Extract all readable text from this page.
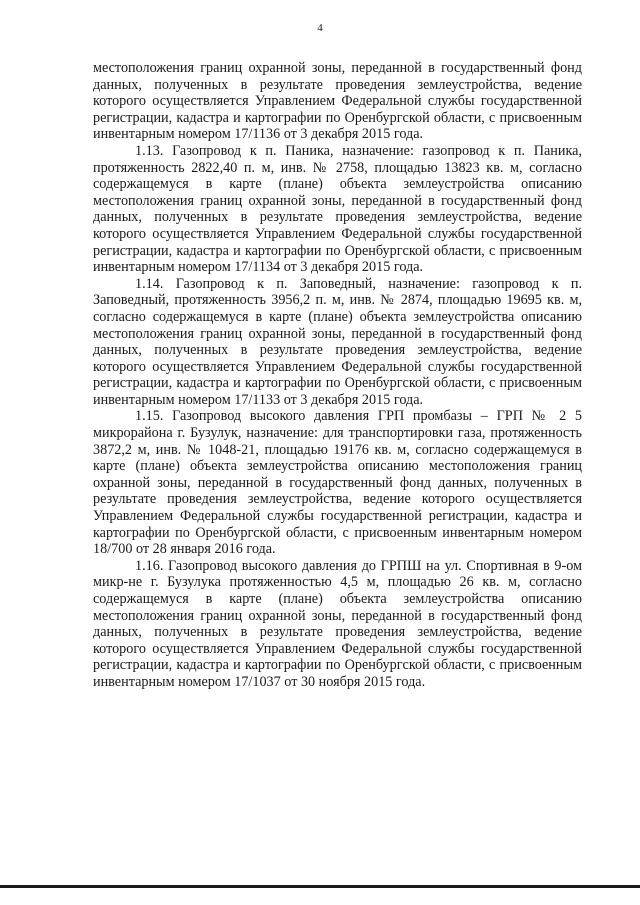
4

местоположения границ охранной зоны, переданной в государственный фонд данных, полученных в результате проведения землеустройства, ведение которого осуществляется Управлением Федеральной службы государственной регистрации, кадастра и картографии по Оренбургской области, с присвоенным инвентарным номером 17/1136 от 3 декабря 2015 года.

1.13. Газопровод к п. Паника, назначение: газопровод к п. Паника, протяженность 2822,40 п. м, инв. № 2758, площадью 13823 кв. м, согласно содержащемуся в карте (плане) объекта землеустройства описанию местоположения границ охранной зоны, переданной в государственный фонд данных, полученных в результате проведения землеустройства, ведение которого осуществляется Управлением Федеральной службы государственной регистрации, кадастра и картографии по Оренбургской области, с присвоенным инвентарным номером 17/1134 от 3 декабря 2015 года.

1.14. Газопровод к п. Заповедный, назначение: газопровод к п. Заповедный, протяженность 3956,2 п. м, инв. № 2874, площадью 19695 кв. м, согласно содержащемуся в карте (плане) объекта землеустройства описанию местоположения границ охранной зоны, переданной в государственный фонд данных, полученных в результате проведения землеустройства, ведение которого осуществляется Управлением Федеральной службы государственной регистрации, кадастра и картографии по Оренбургской области, с присвоенным инвентарным номером 17/1133 от 3 декабря 2015 года.

1.15. Газопровод высокого давления ГРП промбазы – ГРП № 2 5 микрорайона г. Бузулук, назначение: для транспортировки газа, протяженность 3872,2 м, инв. № 1048-21, площадью 19176 кв. м, согласно содержащемуся в карте (плане) объекта землеустройства описанию местоположения границ охранной зоны, переданной в государственный фонд данных, полученных в результате проведения землеустройства, ведение которого осуществляется Управлением Федеральной службы государственной регистрации, кадастра и картографии по Оренбургской области, с присвоенным инвентарным номером 18/700 от 28 января 2016 года.

1.16. Газопровод высокого давления до ГРПШ на ул. Спортивная в 9-ом микр-не г. Бузулука протяженностью 4,5 м, площадью 26 кв. м, согласно содержащемуся в карте (плане) объекта землеустройства описанию местоположения границ охранной зоны, переданной в государственный фонд данных, полученных в результате проведения землеустройства, ведение которого осуществляется Управлением Федеральной службы государственной регистрации, кадастра и картографии по Оренбургской области, с присвоенным инвентарным номером 17/1037 от 30 ноября 2015 года.
